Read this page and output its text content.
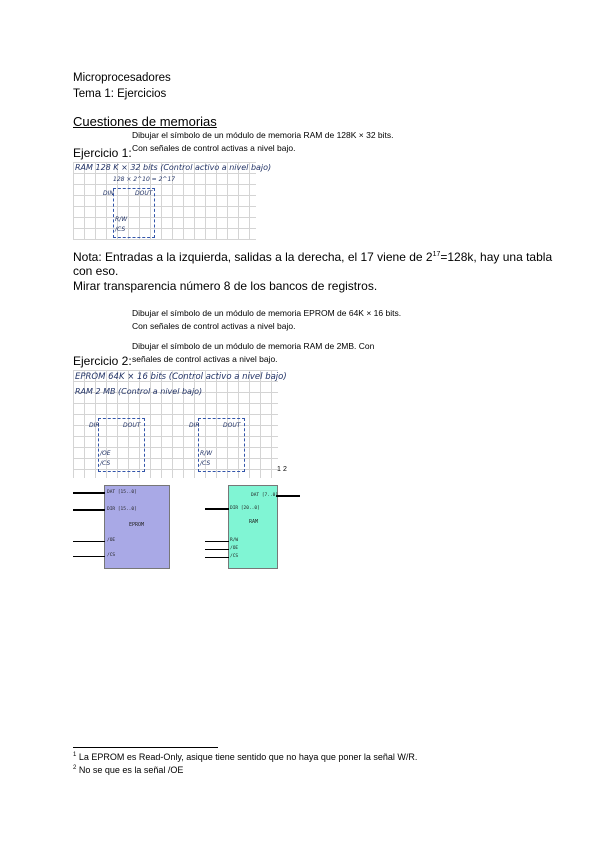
Microprocesadores
Tema 1: Ejercicios
Cuestiones de memorias
Dibujar el símbolo de un módulo de memoria RAM de 128K × 32 bits.
Con señales de control activas a nivel bajo.
Ejercicio 1:
RAM 128 K × 32 bits (Control activo a nivel bajo)
128 × 2^10 = 2^17
DIN	DOUT
R/W
/CS
Nota: Entradas a la izquierda, salidas a la derecha, el 17 viene de $2^{17}=128k$, hay una tabla
con eso.
Mirar transparencia número 8 de los bancos de registros.
Dibujar el símbolo de un módulo de memoria EPROM de 64K × 16 bits.
Con señales de control activas a nivel bajo.
Dibujar el símbolo de un módulo de memoria RAM de 2MB. Con
señales de control activas a nivel bajo.
Ejercicio 2:
EPROM 64K × 16 bits (Control activo a nivel bajo)
RAM 2 MB (Control a nivel bajo)
DIR	DOUT
/OE
/CS
DIR	DOUT
R/W
/CS
1 2
DAT [15..0]
DIR [15..0]
EPROM
/OE
/CS
DAT [7..0]
DIR [20..0]
RAM
R/W
/OE
/CS
$^1$ La EPROM es Read-Only, asique tiene sentido que no haya que poner la señal W/R.
$^2$ No se que es la señal /OE
